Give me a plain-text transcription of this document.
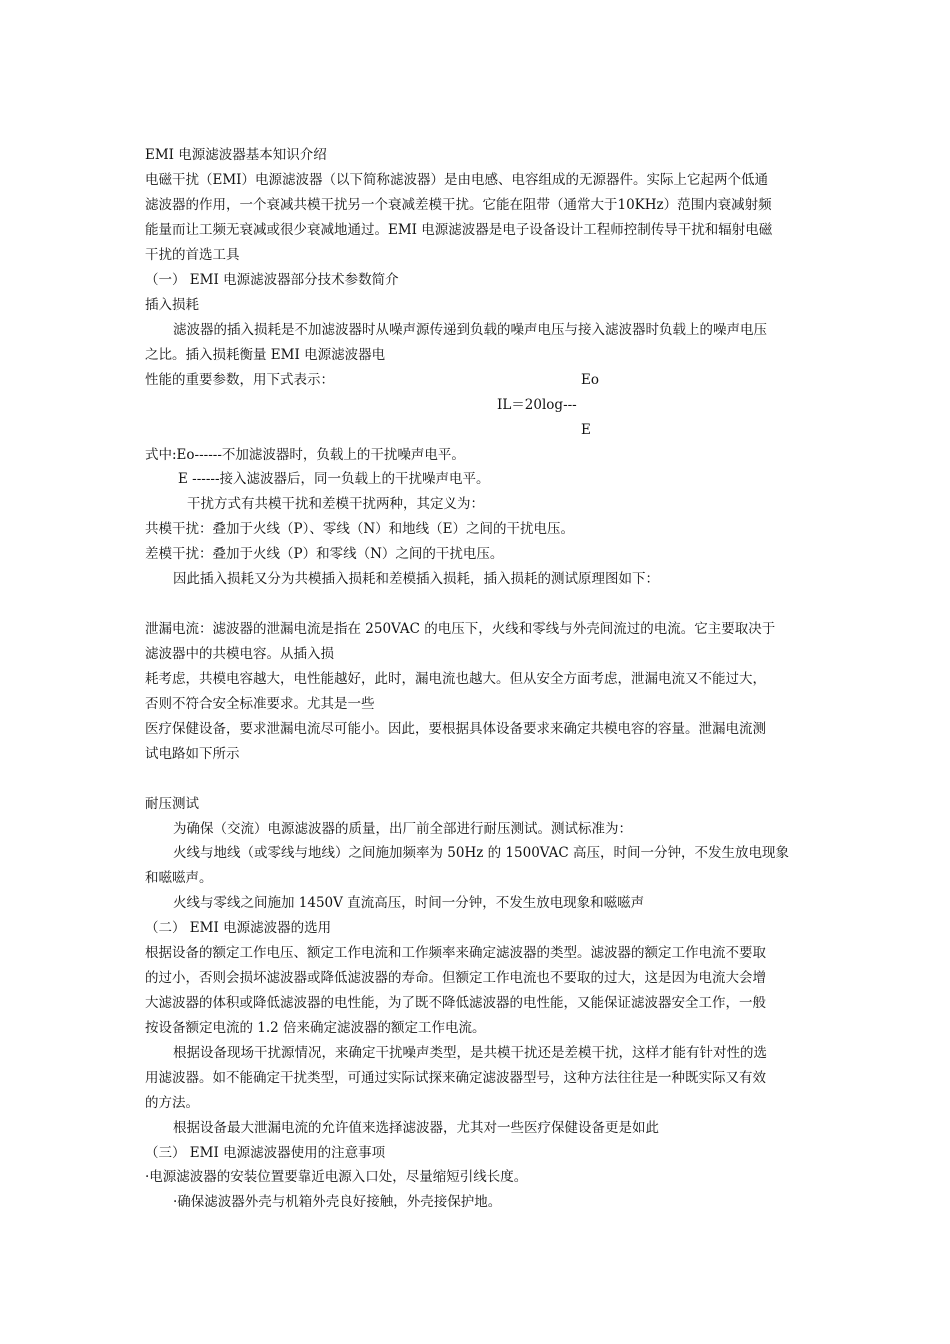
EMI 电源滤波器基本知识介绍
电磁干扰（EMI）电源滤波器（以下简称滤波器）是由电感、电容组成的无源器件。实际上它起两个低通
滤波器的作用，一个衰减共模干扰另一个衰减差模干扰。它能在阻带（通常大于10KHz）范围内衰减射频
能量而让工频无衰减或很少衰减地通过。EMI 电源滤波器是电子设备设计工程师控制传导干扰和辐射电磁
干扰的首选工具
（一） EMI 电源滤波器部分技术参数简介
插入损耗
滤波器的插入损耗是不加滤波器时从噪声源传递到负载的噪声电压与接入滤波器时负载上的噪声电压
之比。插入损耗衡量 EMI 电源滤波器电
性能的重要参数，用下式表示：	Eo
IL＝20log---
E
式中:Eo------不加滤波器时，负载上的干扰噪声电平。
E ------接入滤波器后，同一负载上的干扰噪声电平。
干扰方式有共模干扰和差模干扰两种，其定义为：
共模干扰：叠加于火线（P）、零线（N）和地线（E）之间的干扰电压。
差模干扰：叠加于火线（P）和零线（N）之间的干扰电压。
因此插入损耗又分为共模插入损耗和差模插入损耗，插入损耗的测试原理图如下：
泄漏电流：滤波器的泄漏电流是指在 250VAC 的电压下，火线和零线与外壳间流过的电流。它主要取决于
滤波器中的共模电容。从插入损
耗考虑，共模电容越大，电性能越好，此时，漏电流也越大。但从安全方面考虑，泄漏电流又不能过大，
否则不符合安全标准要求。尤其是一些
医疗保健设备，要求泄漏电流尽可能小。因此，要根据具体设备要求来确定共模电容的容量。泄漏电流测
试电路如下所示
耐压测试
为确保（交流）电源滤波器的质量，出厂前全部进行耐压测试。测试标准为：
火线与地线（或零线与地线）之间施加频率为 50Hz 的 1500VAC 高压，时间一分钟，不发生放电现象
和嗞嗞声。
火线与零线之间施加 1450V 直流高压，时间一分钟，不发生放电现象和嗞嗞声
（二） EMI 电源滤波器的选用
根据设备的额定工作电压、额定工作电流和工作频率来确定滤波器的类型。滤波器的额定工作电流不要取
的过小，否则会损坏滤波器或降低滤波器的寿命。但额定工作电流也不要取的过大，这是因为电流大会增
大滤波器的体积或降低滤波器的电性能，为了既不降低滤波器的电性能，又能保证滤波器安全工作，一般
按设备额定电流的 1.2 倍来确定滤波器的额定工作电流。
根据设备现场干扰源情况，来确定干扰噪声类型，是共模干扰还是差模干扰，这样才能有针对性的选
用滤波器。如不能确定干扰类型，可通过实际试探来确定滤波器型号，这种方法往往是一种既实际又有效
的方法。
根据设备最大泄漏电流的允许值来选择滤波器，尤其对一些医疗保健设备更是如此
（三） EMI 电源滤波器使用的注意事项
·电源滤波器的安装位置要靠近电源入口处，尽量缩短引线长度。
·确保滤波器外壳与机箱外壳良好接触，外壳接保护地。
